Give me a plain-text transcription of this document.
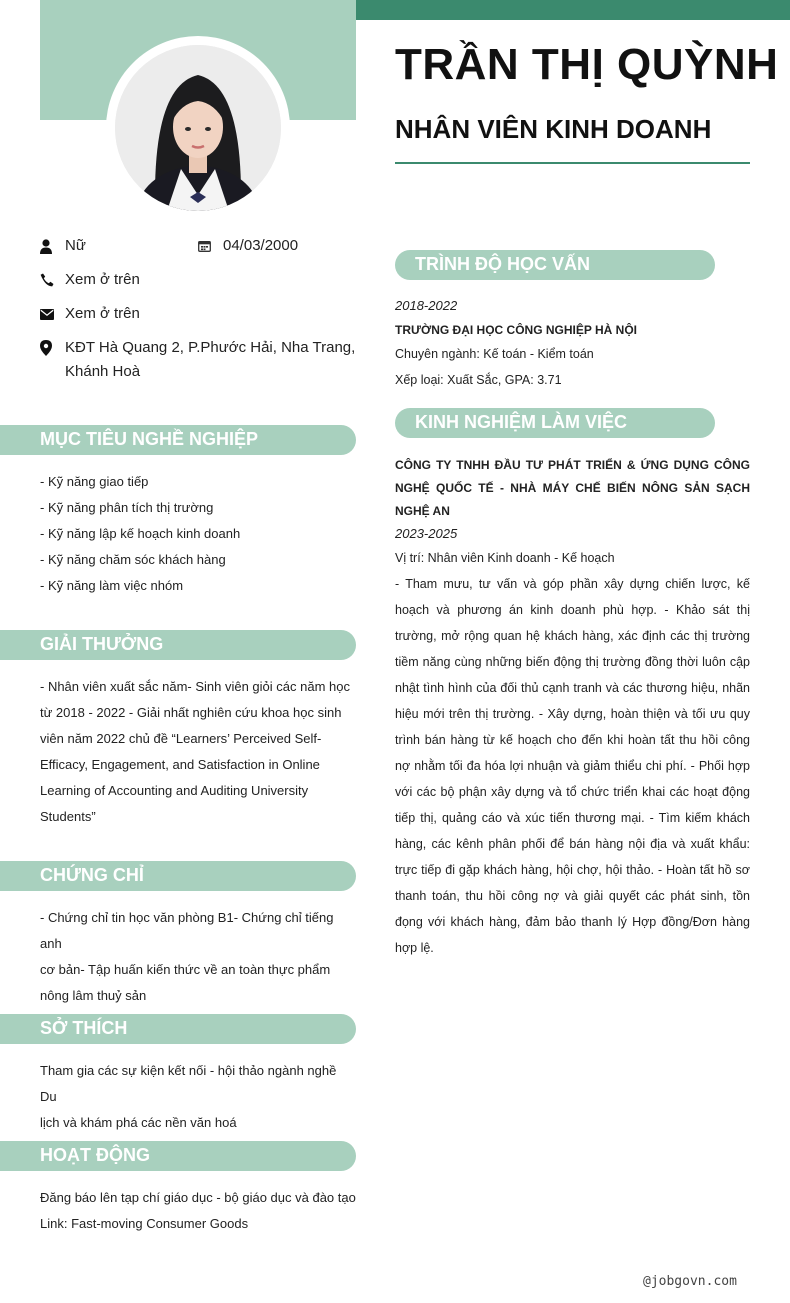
TRẦN THỊ QUỲNH
NHÂN VIÊN KINH DOANH
Nữ	04/03/2000
Xem ở trên
Xem ở trên
KĐT Hà Quang 2, P.Phước Hải, Nha Trang, Khánh Hoà
MỤC TIÊU NGHỀ NGHIỆP
- Kỹ năng giao tiếp
- Kỹ năng phân tích thị trường
- Kỹ năng lập kế hoạch kinh doanh
- Kỹ năng chăm sóc khách hàng
- Kỹ năng làm việc nhóm
GIẢI THƯỞNG
- Nhân viên xuất sắc năm- Sinh viên giỏi các năm học
từ 2018 - 2022 - Giải nhất nghiên cứu khoa học sinh
viên năm 2022 chủ đề “Learners’ Perceived Self-
Efficacy, Engagement, and Satisfaction in Online
Learning of Accounting and Auditing University
Students”
CHỨNG CHỈ
- Chứng chỉ tin học văn phòng B1- Chứng chỉ tiếng anh
cơ bản- Tập huấn kiến thức về an toàn thực phẩm
nông lâm thuỷ sản
SỞ THÍCH
Tham gia các sự kiện kết nối - hội thảo ngành nghề Du
lịch và khám phá các nền văn hoá
HOẠT ĐỘNG
Đăng báo lên tạp chí giáo dục - bộ giáo dục và đào tạo
Link: Fast-moving Consumer Goods
TRÌNH ĐỘ HỌC VẤN
2018-2022
TRƯỜNG ĐẠI HỌC CÔNG NGHIỆP HÀ NỘI
Chuyên ngành: Kế toán - Kiểm toán
Xếp loại: Xuất Sắc, GPA: 3.71
KINH NGHIỆM LÀM VIỆC
CÔNG TY TNHH ĐẦU TƯ PHÁT TRIỂN & ỨNG DỤNG CÔNG NGHỆ QUỐC TẾ - NHÀ MÁY CHẾ BIẾN NÔNG SẢN SẠCH NGHỆ AN
2023-2025
Vị trí: Nhân viên Kinh doanh - Kế hoạch
- Tham mưu, tư vấn và góp phần xây dựng chiến lược, kế hoạch và phương án kinh doanh phù hợp. - Khảo sát thị trường, mở rộng quan hệ khách hàng, xác định các thị trường tiềm năng cùng những biến động thị trường đồng thời luôn cập nhật tình hình của đối thủ cạnh tranh và các thương hiệu, nhãn hiệu mới trên thị trường. - Xây dựng, hoàn thiện và tối ưu quy trình bán hàng từ kế hoạch cho đến khi hoàn tất thu hồi công nợ nhằm tối đa hóa lợi nhuận và giảm thiểu chi phí. - Phối hợp với các bộ phận xây dựng và tổ chức triển khai các hoạt động tiếp thị, quảng cáo và xúc tiến thương mại. - Tìm kiếm khách hàng, các kênh phân phối để bán hàng nội địa và xuất khẩu: trực tiếp đi gặp khách hàng, hội chợ, hội thảo. - Hoàn tất hồ sơ thanh toán, thu hồi công nợ và giải quyết các phát sinh, tồn đọng với khách hàng, đảm bảo thanh lý Hợp đồng/Đơn hàng hợp lệ.
@jobgovn.com
